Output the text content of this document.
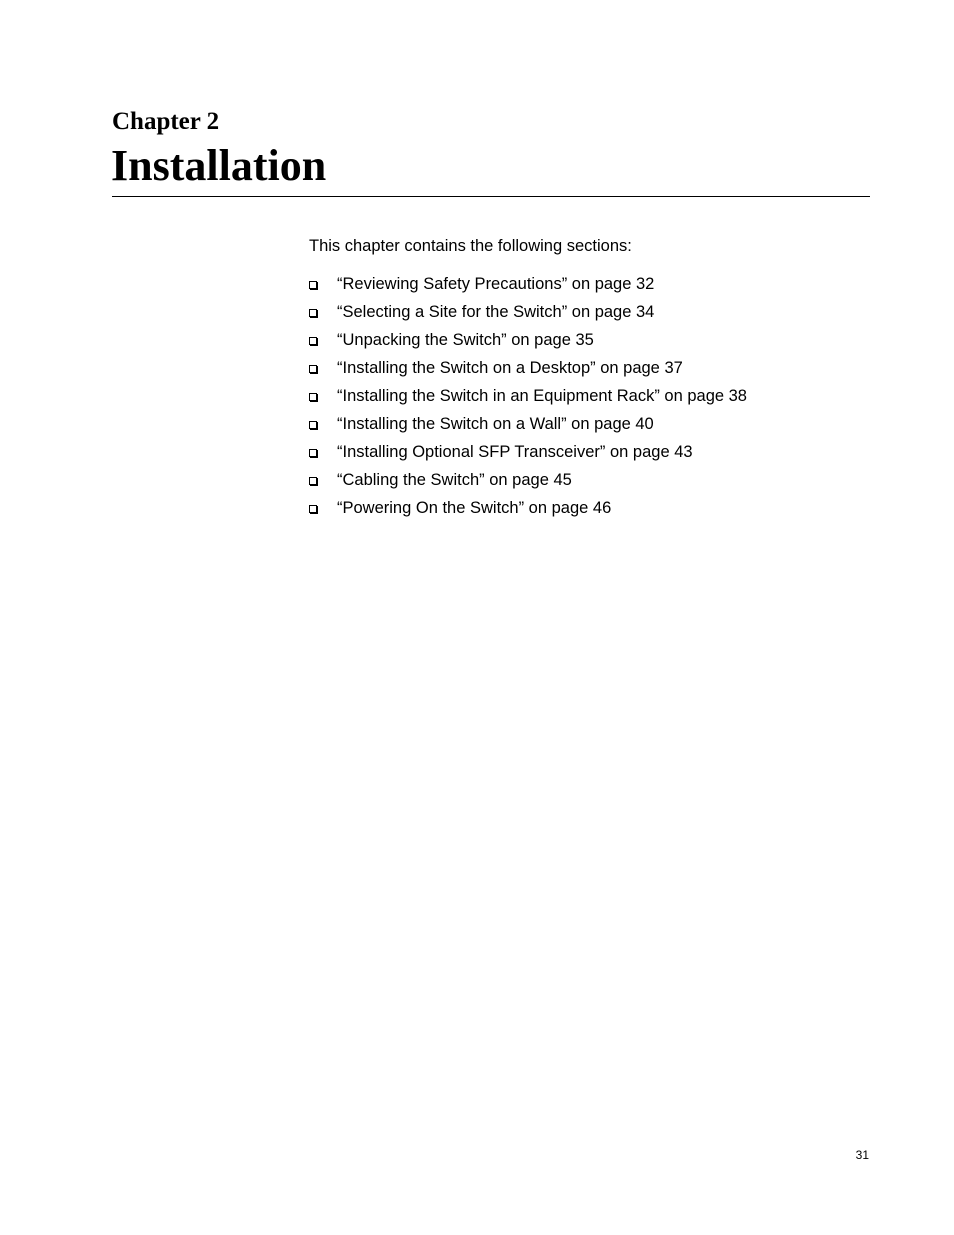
Chapter 2
Installation

This chapter contains the following sections:

“Reviewing Safety Precautions” on page 32
“Selecting a Site for the Switch” on page 34
“Unpacking the Switch” on page 35
“Installing the Switch on a Desktop” on page 37
“Installing the Switch in an Equipment Rack” on page 38
“Installing the Switch on a Wall” on page 40
“Installing Optional SFP Transceiver” on page 43
“Cabling the Switch” on page 45
“Powering On the Switch” on page 46

31
